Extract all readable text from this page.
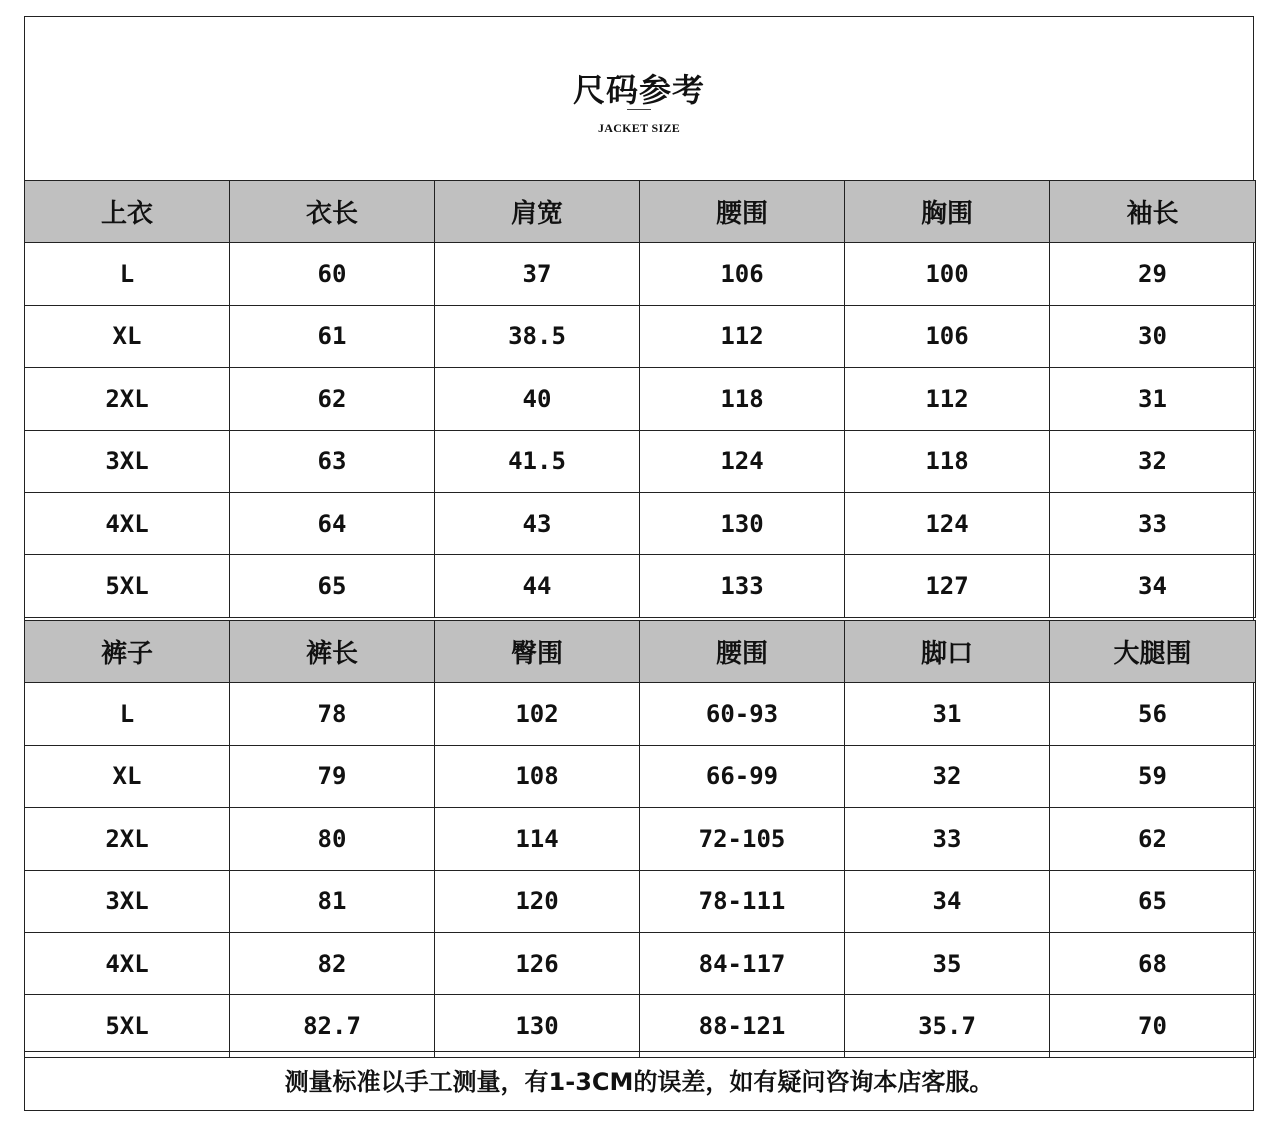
尺码参考
JACKET SIZE
上衣	衣长	肩宽	腰围	胸围	袖长
L	60	37	106	100	29
XL	61	38.5	112	106	30
2XL	62	40	118	112	31
3XL	63	41.5	124	118	32
4XL	64	43	130	124	33
5XL	65	44	133	127	34
裤子	裤长	臀围	腰围	脚口	大腿围
L	78	102	60-93	31	56
XL	79	108	66-99	32	59
2XL	80	114	72-105	33	62
3XL	81	120	78-111	34	65
4XL	82	126	84-117	35	68
5XL	82.7	130	88-121	35.7	70
测量标准以手工测量，有1-3CM的误差，如有疑问咨询本店客服。
